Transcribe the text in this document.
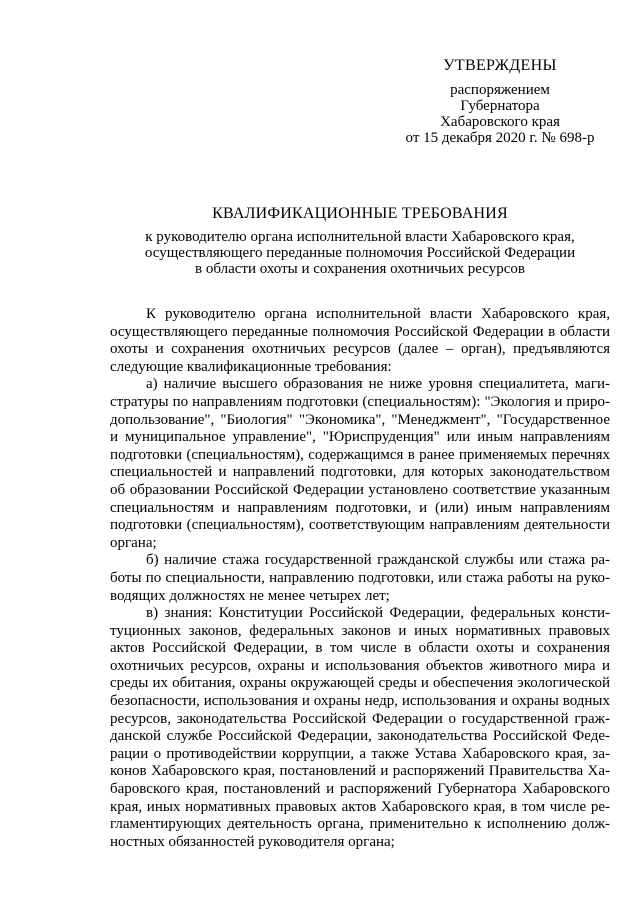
УТВЕРЖДЕНЫ
распоряжением
Губернатора
Хабаровского края
от 15 декабря 2020 г. № 698-р
КВАЛИФИКАЦИОННЫЕ ТРЕБОВАНИЯ
к руководителю органа исполнительной власти Хабаровского края,
осуществляющего переданные полномочия Российской Федерации
в области охоты и сохранения охотничьих ресурсов

К руководителю органа исполнительной власти Хабаровского края, осуществляющего переданные полномочия Российской Федерации в области охоты и сохранения охотничьих ресурсов (далее – орган), предъявляются следующие квалификационные требования:

а) наличие высшего образования не ниже уровня специалитета, магистратуры по направлениям подготовки (специальностям): "Экология и природопользование", "Биология" "Экономика", "Менеджмент", "Государственное и муниципальное управление", "Юриспруденция" или иным направлениям подготовки (специальностям), содержащимся в ранее применяемых перечнях специальностей и направлений подготовки, для которых законодательством об образовании Российской Федерации установлено соответствие указанным специальностям и направлениям подготовки, и (или) иным направлениям подготовки (специальностям), соответствующим направлениям деятельности органа;

б) наличие стажа государственной гражданской службы или стажа работы по специальности, направлению подготовки, или стажа работы на руководящих должностях не менее четырех лет;

в) знания: Конституции Российской Федерации, федеральных конституционных законов, федеральных законов и иных нормативных правовых актов Российской Федерации, в том числе в области охоты и сохранения охотничьих ресурсов, охраны и использования объектов животного мира и среды их обитания, охраны окружающей среды и обеспечения экологической безопасности, использования и охраны недр, использования и охраны водных ресурсов, законодательства Российской Федерации о государственной гражданской службе Российской Федерации, законодательства Российской Федерации о противодействии коррупции, а также Устава Хабаровского края, законов Хабаровского края, постановлений и распоряжений Правительства Хабаровского края, постановлений и распоряжений Губернатора Хабаровского края, иных нормативных правовых актов Хабаровского края, в том числе регламентирующих деятельность органа, применительно к исполнению должностных обязанностей руководителя органа;
